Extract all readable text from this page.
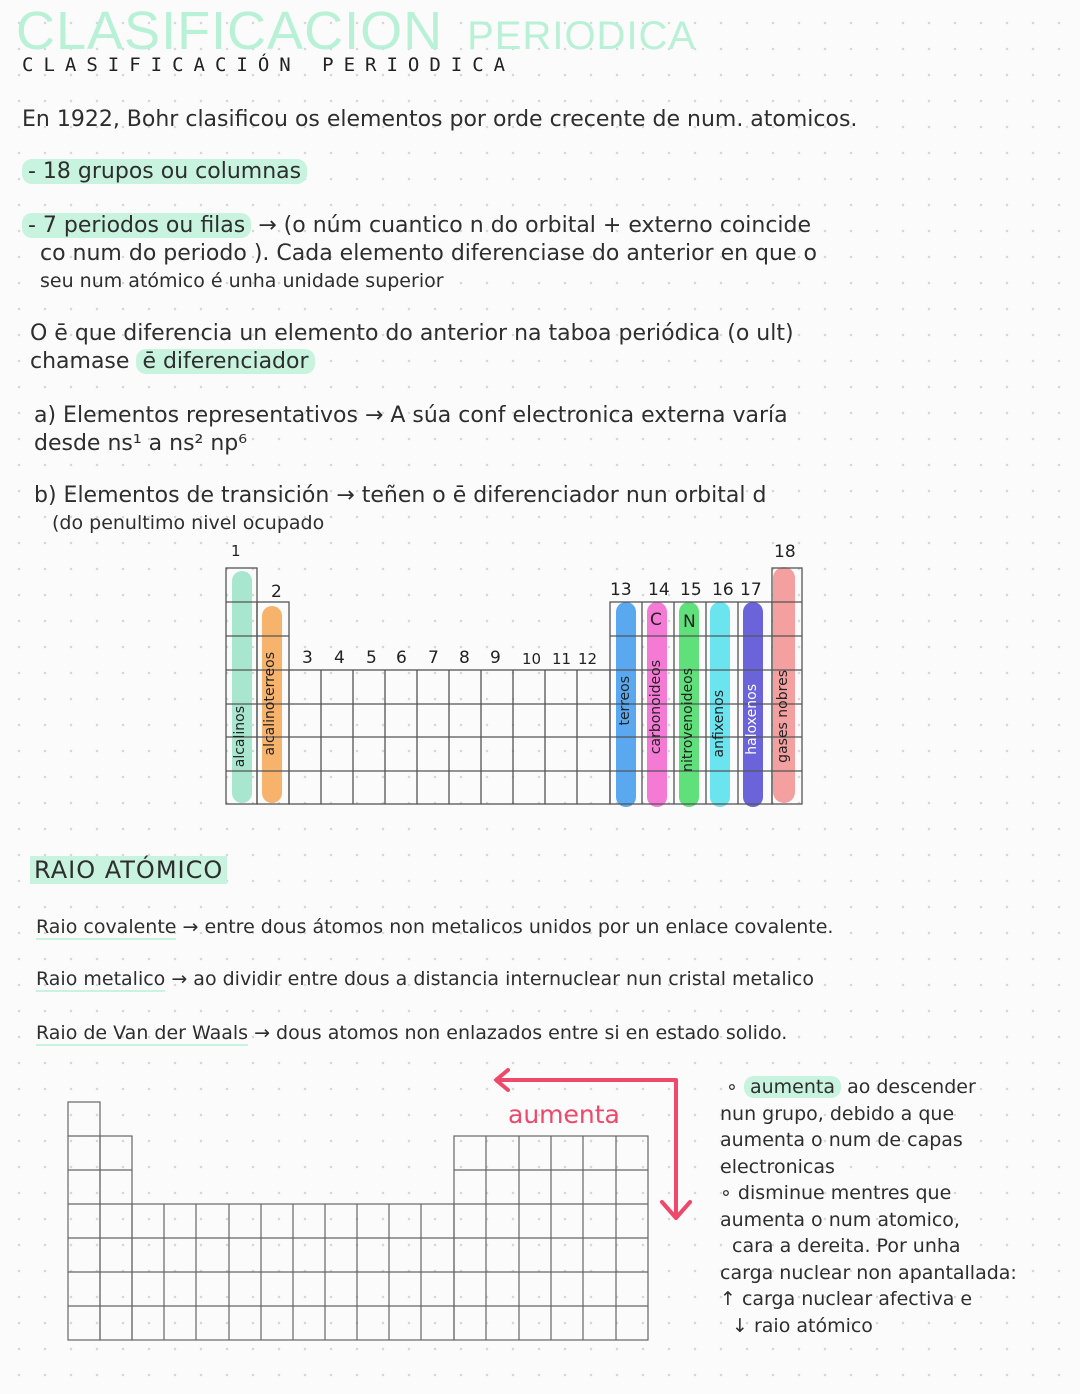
CLASIFICACION PERIODICA
CLASIFICACIÓN PERIODICA
En 1922, Bohr clasificou os elementos por orde crecente de num. atomicos.
- 18 grupos ou columnas
- 7 periodos ou filas → (o núm cuantico n do orbital + externo coincide
co num do periodo ). Cada elemento diferenciase do anterior en que o
seu num atómico é unha unidade superior
O ē que diferencia un elemento do anterior na taboa periódica (o ult)
chamase ē diferenciador
a) Elementos representativos → A súa conf electronica externa varía
desde ns¹ a ns² np⁶
b) Elementos de transición → teñen o ē diferenciador nun orbital d
(do penultimo nivel ocupado
1
2
3 4 5 6 7 8 9 10 11 12
13 14 15 16 17
18
C N
alcalinos alcalinoterreos	terreos carbonoideos nitrovenoideos anfixenos haloxenos gases nobres
RAIO ATÓMICO
Raio covalente → entre dous átomos non metalicos unidos por un enlace covalente.
Raio metalico → ao dividir entre dous a distancia internuclear nun cristal metalico
Raio de Van der Waals → dous atomos non enlazados entre si en estado solido.
aumenta
∘ aumenta ao descender
nun grupo, debido a que
aumenta o num de capas
electronicas
∘ disminue mentres que
aumenta o num atomico,
cara a dereita. Por unha
carga nuclear non apantallada:
↑ carga nuclear afectiva e
↓ raio atómico
